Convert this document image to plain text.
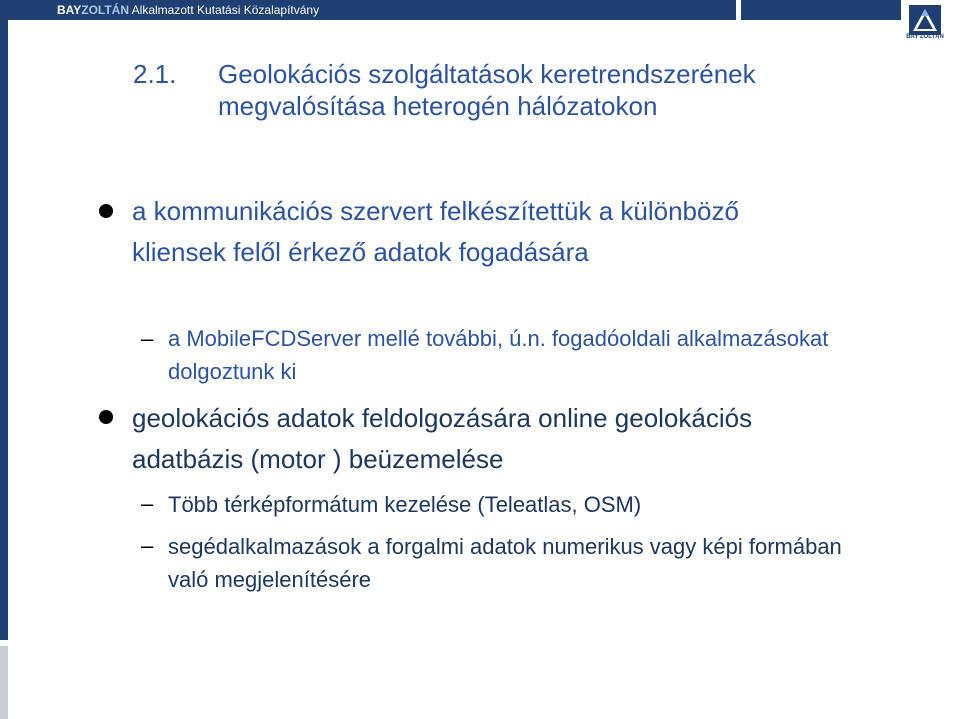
BAYZOLTÁN Alkalmazott Kutatási Közalapítvány
BAY ZOLTÁN
2.1. Geolokációs szolgáltatások keretrendszerének megvalósítása heterogén hálózatokon
a kommunikációs szervert felkészítettük a különböző kliensek felől érkező adatok fogadására
– a MobileFCDServer mellé további, ú.n. fogadóoldali alkalmazásokat dolgoztunk ki
geolokációs adatok feldolgozására online geolokációs adatbázis (motor ) beüzemelése
– Több térképformátum kezelése (Teleatlas, OSM)
– segédalkalmazások a forgalmi adatok numerikus vagy képi formában való megjelenítésére
